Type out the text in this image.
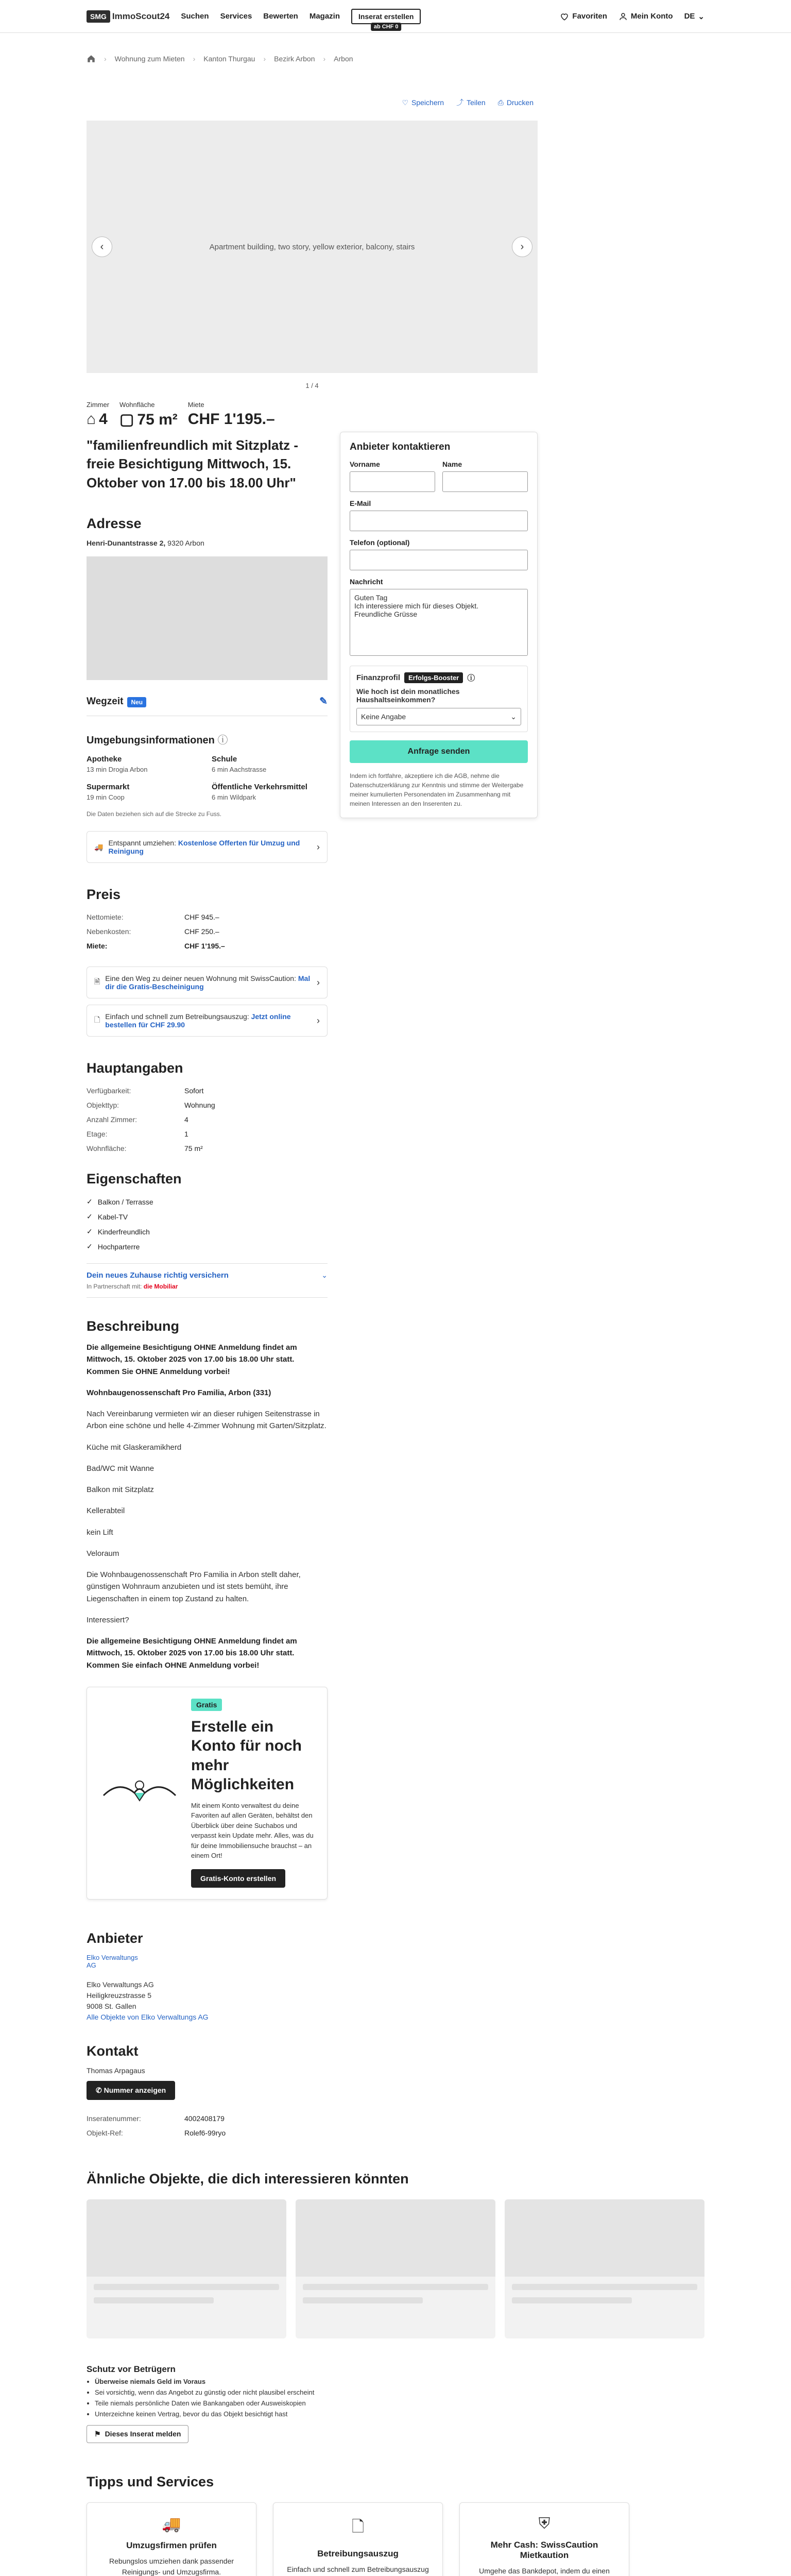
SMG ImmoScout24 Suchen Services Bewerten Magazin	Inserat erstellen
ab CHF 0
Favoriten	Mein Konto DE ⌄
› Wohnung zum Mieten › Kanton Thurgau › Bezirk Arbon › Arbon
♡ Speichern ⤴ Teilen ⎙ Drucken
‹	Apartment building, two story, yellow exterior, balcony, stairs	›
1 / 4
Zimmer
⌂ 4
Wohnfläche
▢ 75 m²
Miete
CHF 1'195.–
"familienfreundlich mit Sitzplatz - freie Besichtigung Mittwoch, 15. Oktober von 17.00 bis 18.00 Uhr"
Adresse
Henri-Dunantstrasse 2, 9320 Arbon
Wegzeit Neu	✎
Umgebungsinformationen ⓘ
Apotheke
13 min Drogia Arbon
Schule
6 min Aachstrasse
Supermarkt
19 min Coop
Öffentliche Verkehrsmittel
6 min Wildpark
Die Daten beziehen sich auf die Strecke zu Fuss.
🚚 Entspannt umziehen: Kostenlose Offerten für Umzug und Reinigung	›
Preis
Nettomiete:	CHF 945.–
Nebenkosten:	CHF 250.–
Miete:	CHF 1'195.–
🗎 Eine den Weg zu deiner neuen Wohnung mit SwissCaution: Mal dir die Gratis-Bescheinigung	›
🗋 Einfach und schnell zum Betreibungsauszug: Jetzt online bestellen für CHF 29.90	›
Hauptangaben
Verfügbarkeit:	Sofort
Objekttyp:	Wohnung
Anzahl Zimmer:	4
Etage:	1
Wohnfläche:	75 m²
Eigenschaften
✓ Balkon / Terrasse
✓ Kabel-TV
✓ Kinderfreundlich
✓ Hochparterre
Dein neues Zuhause richtig versichern	⌄
In Partnerschaft mit: die Mobiliar
Beschreibung

Die allgemeine Besichtigung OHNE Anmeldung findet am Mittwoch, 15. Oktober 2025 von 17.00 bis 18.00 Uhr statt. Kommen Sie OHNE Anmeldung vorbei!

Wohnbaugenossenschaft Pro Familia, Arbon (331)

Nach Vereinbarung vermieten wir an dieser ruhigen Seitenstrasse in Arbon eine schöne und helle 4-Zimmer Wohnung mit Garten/Sitzplatz.

Küche mit Glaskeramikherd

Bad/WC mit Wanne

Balkon mit Sitzplatz

Kellerabteil

kein Lift

Veloraum

Die Wohnbaugenossenschaft Pro Familia in Arbon stellt daher, günstigen Wohnraum anzubieten und ist stets bemüht, ihre Liegenschaften in einem top Zustand zu halten.

Interessiert?

Die allgemeine Besichtigung OHNE Anmeldung findet am Mittwoch, 15. Oktober 2025 von 17.00 bis 18.00 Uhr statt. Kommen Sie einfach OHNE Anmeldung vorbei!

Gratis
Erstelle ein Konto für noch mehr Möglichkeiten

Mit einem Konto verwaltest du deine Favoriten auf allen Geräten, behältst den Überblick über deine Suchabos und verpasst kein Update mehr. Alles, was du für deine Immobiliensuche brauchst – an einem Ort!

Gratis-Konto erstellen
Anbieter
Elko Verwaltungs AG
Elko Verwaltungs AG
Heiligkreuzstrasse 5
9008 St. Gallen
Alle Objekte von Elko Verwaltungs AG
Kontakt
Thomas Arpagaus
✆ Nummer anzeigen
Inseratenummer:	4002408179
Objekt-Ref:	Rolef6-99ryo
Anbieter kontaktieren
Vorname	Name
E-Mail
Telefon (optional)
Nachricht
Guten Tag Ich interessiere mich für dieses Objekt. Freundliche Grüsse
Finanzprofil	Erfolgs-Booster	ⓘ
Wie hoch ist dein monatliches Haushaltseinkommen?
Keine Angabe	⌄
Anfrage senden
Indem ich fortfahre, akzeptiere ich die AGB, nehme die Datenschutzerklärung zur Kenntnis und stimme der Weitergabe meiner kumulierten Personendaten im Zusammenhang mit meinen Interessen an den Inserenten zu.
Ähnliche Objekte, die dich interessieren könnten
Schutz vor Betrügern
• Überweise niemals Geld im Voraus
• Sei vorsichtig, wenn das Angebot zu günstig oder nicht plausibel erscheint
• Teile niemals persönliche Daten wie Bankangaben oder Ausweiskopien
• Unterzeichne keinen Vertrag, bevor du das Objekt besichtigt hast
⚑ Dieses Inserat melden
Tipps und Services
🚚
Umzugsfirmen prüfen

Rebungslos umziehen dank passender Reinigungs- und Umzugsfirma.

🗋
Betreibungsauszug

Einfach und schnell zum Betreibungsauszug

⛨
Mehr Cash: SwissCaution Mietkaution

Umgehe das Bankdepot, indem du einen
